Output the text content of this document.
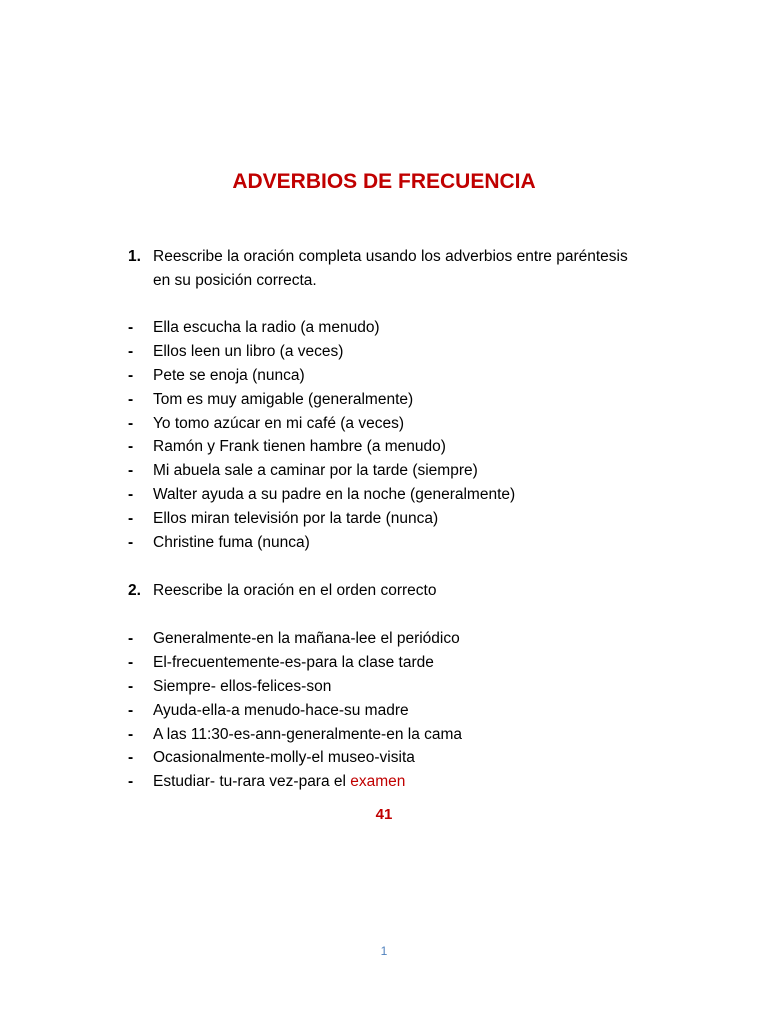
ADVERBIOS DE FRECUENCIA
1. Reescribe la oración completa usando los adverbios entre paréntesis
en su posición correcta.
-	Ella escucha la radio (a menudo)
-	Ellos leen un libro (a veces)
-	Pete se enoja (nunca)
-	Tom es muy amigable (generalmente)
-	Yo tomo azúcar en mi café (a veces)
-	Ramón y Frank tienen hambre (a menudo)
-	Mi abuela sale a caminar por la tarde (siempre)
-	Walter ayuda a su padre en la noche (generalmente)
-	Ellos miran televisión por la tarde (nunca)
-	Christine fuma (nunca)
2. Reescribe la oración en el orden correcto
-	Generalmente-en la mañana-lee el periódico
-	El-frecuentemente-es-para la clase tarde
-	Siempre- ellos-felices-son
-	Ayuda-ella-a menudo-hace-su madre
-	A las 11:30-es-ann-generalmente-en la cama
-	Ocasionalmente-molly-el museo-visita
-	Estudiar- tu-rara vez-para el examen
41
1
